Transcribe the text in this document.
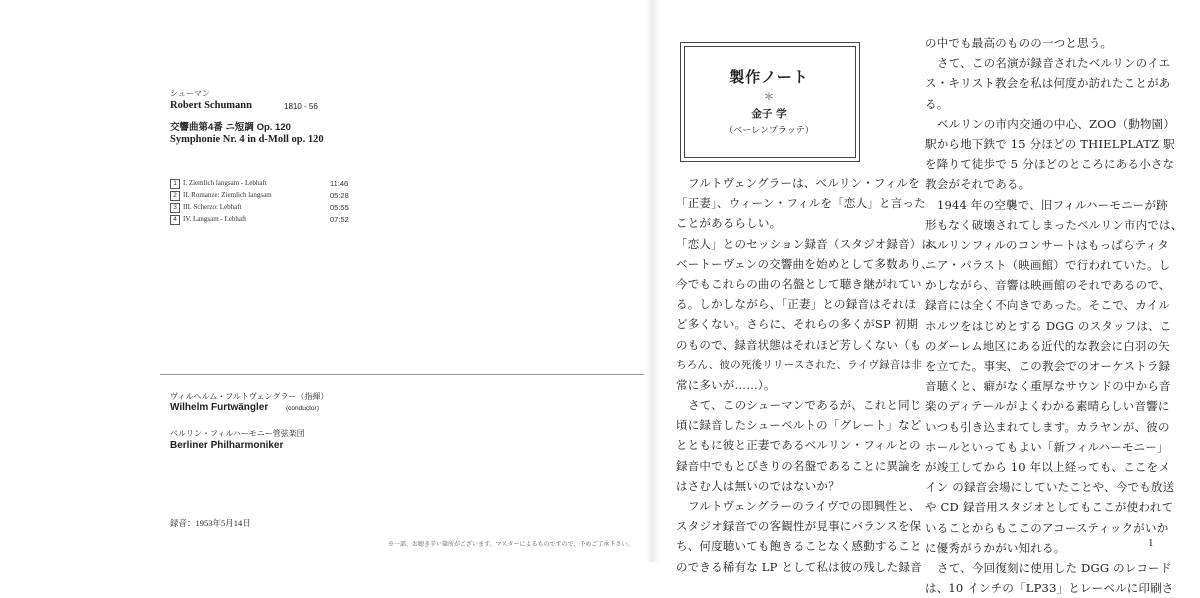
シューマン
Robert Schumann	1810 - 56
交響曲第4番 ニ短調 Op. 120
Symphonie Nr. 4 in d-Moll op. 120
1 I. Ziemlich langsam - Lebhaft	11:46
2 II. Romanze: Ziemlich langsam	05:28
3 III. Scherzo: Lebhaft	05:55
4 IV. Langsam - Lebhaft	07:52
ヴィルヘルム・フルトヴェングラー（指揮）
Wilhelm Furtwängler	(conductor)
ベルリン・フィルハーモニー管弦楽団
Berliner Philharmoniker
録音：1953年5月14日
※一部、お聴き辛い箇所がございます。マスターによるものですので、予めご了承下さい。
製作ノート
＊
金子 学
（ベーレンプラッテ）
フルトヴェングラーは、ベルリン・フィルを
「正妻」、ウィーン・フィルを「恋人」と言った
ことがあるらしい。
「恋人」とのセッション録音（スタジオ録音）は、
ベートーヴェンの交響曲を始めとして多数あり、
今でもこれらの曲の名盤として聴き継がれてい
る。しかしながら、「正妻」との録音はそれほ
ど多くない。さらに、それらの多くがSP 初期
のもので、録音状態はそれほど芳しくない（も
ちろん、彼の死後リリースされた、ライヴ録音は非
常に多いが……）。
さて、このシューマンであるが、これと同じ
頃に録音したシューベルトの「グレート」など
とともに彼と正妻であるベルリン・フィルとの
録音中でもとびきりの名盤であることに異論を
はさむ人は無いのではないか？
フルトヴェングラーのライヴでの即興性と、
スタジオ録音での客観性が見事にバランスを保
ち、何度聴いても飽きることなく感動すること
のできる稀有な LP として私は彼の残した録音
の中でも最高のものの一つと思う。
さて、この名演が録音されたベルリンのイエ
ス・キリスト教会を私は何度か訪れたことがあ
る。
ベルリンの市内交通の中心、ZOO（動物園）
駅から地下鉄で 15 分ほどの THIELPLATZ 駅
を降りて徒歩で 5 分ほどのところにある小さな
教会がそれである。
1944 年の空襲で、旧フィルハーモニーが跡
形もなく破壊されてしまったベルリン市内では、
ベルリンフィルのコンサートはもっぱらティタ
ニア・パラスト（映画館）で行われていた。し
かしながら、音響は映画館のそれであるので、
録音には全く不向きであった。そこで、カイル
ホルツをはじめとする DGG のスタッフは、こ
のダーレム地区にある近代的な教会に白羽の矢
を立てた。事実、この教会でのオーケストラ録
音聴くと、癖がなく重厚なサウンドの中から音
楽のディテールがよくわかる素晴らしい音響に
いつも引き込まれてします。カラヤンが、彼の
ホールといってもよい「新フィルハーモニー」
が竣工してから 10 年以上経っても、ここをメ
イン の録音会場にしていたことや、今でも放送
や CD 録音用スタジオとしてもここが使われて
いることからもここのアコースティックがいか
に優秀がうかがい知れる。
さて、今回復刻に使用した DGG のレコード
は、10 インチの「LP33」とレーベルに印刷さ
1
